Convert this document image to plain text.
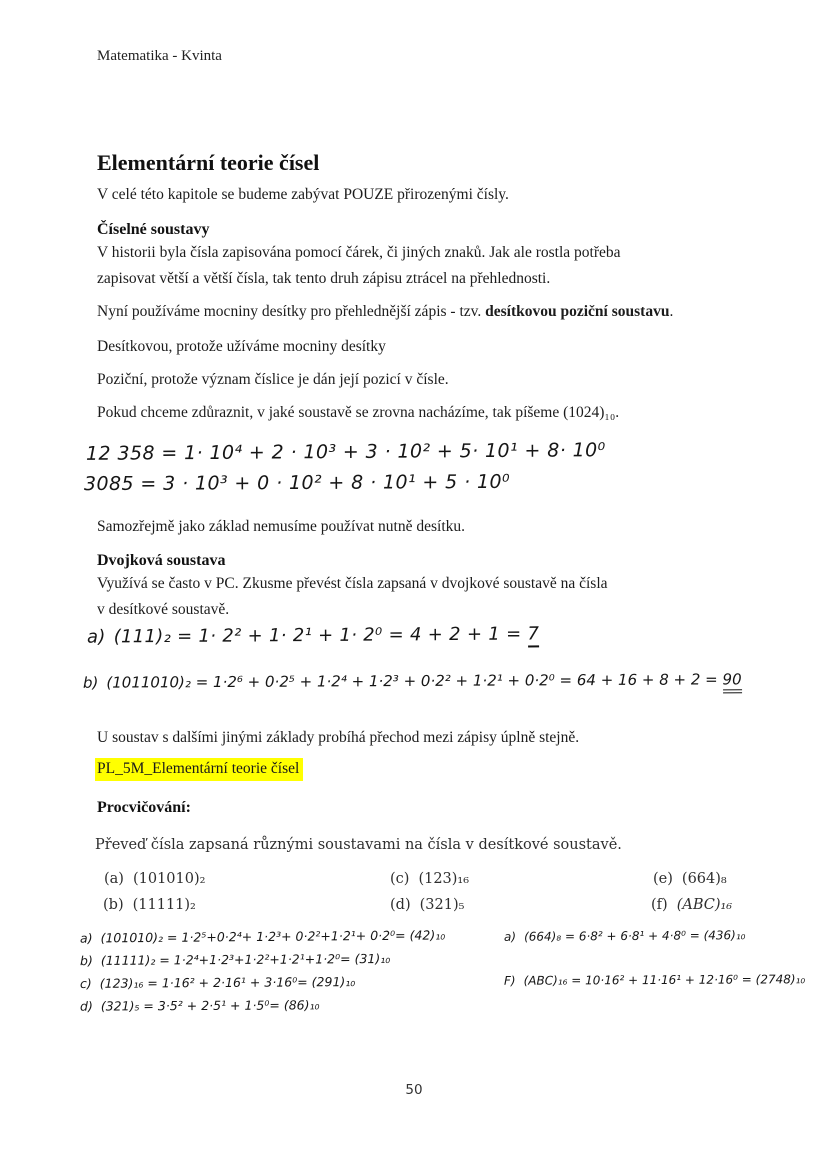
Matematika - Kvinta
Elementární teorie čísel
V celé této kapitole se budeme zabývat POUZE přirozenými čísly.
Číselné soustavy
V historii byla čísla zapisována pomocí čárek, či jiných znaků. Jak ale rostla potřeba
zapisovat větší a větší čísla, tak tento druh zápisu ztrácel na přehlednosti.
Nyní používáme mocniny desítky pro přehlednější zápis - tzv. desítkovou poziční soustavu.
Desítkovou, protože užíváme mocniny desítky
Poziční, protože význam číslice je dán její pozicí v čísle.
Pokud chceme zdůraznit, v jaké soustavě se zrovna nacházíme, tak píšeme (1024)₁₀.
12 358 = 1· 10⁴ + 2 · 10³ + 3 · 10² + 5· 10¹ + 8· 10⁰
3085 = 3 · 10³ + 0 · 10² + 8 · 10¹ + 5 · 10⁰
Samozřejmě jako základ nemusíme používat nutně desítku.
Dvojková soustava
Využívá se často v PC. Zkusme převést čísla zapsaná v dvojkové soustavě na čísla
v desítkové soustavě.
a) (111)₂ = 1· 2² + 1· 2¹ + 1· 2⁰ = 4 + 2 + 1 = 7
b) (1011010)₂ = 1·2⁶ + 0·2⁵ + 1·2⁴ + 1·2³ + 0·2² + 1·2¹ + 0·2⁰ = 64 + 16 + 8 + 2 = 90
U soustav s dalšími jinými základy probíhá přechod mezi zápisy úplně stejně.
PL_5M_Elementární teorie čísel
Procvičování:
Převeď čísla zapsaná různými soustavami na čísla v desítkové soustavě.
(a) (101010)₂
(b) (11111)₂
(c) (123)₁₆
(d) (321)₅
(e) (664)₈
(f) (ABC)₁₆
a) (101010)₂ = 1·2⁵+0·2⁴+ 1·2³+ 0·2²+1·2¹+ 0·2⁰= (42)₁₀
b) (11111)₂ = 1·2⁴+1·2³+1·2²+1·2¹+1·2⁰= (31)₁₀
c) (123)₁₆ = 1·16² + 2·16¹ + 3·16⁰= (291)₁₀
d) (321)₅ = 3·5² + 2·5¹ + 1·5⁰= (86)₁₀
a) (664)₈ = 6·8² + 6·8¹ + 4·8⁰ = (436)₁₀
F) (ABC)₁₆ = 10·16² + 11·16¹ + 12·16⁰ = (2748)₁₀
50
